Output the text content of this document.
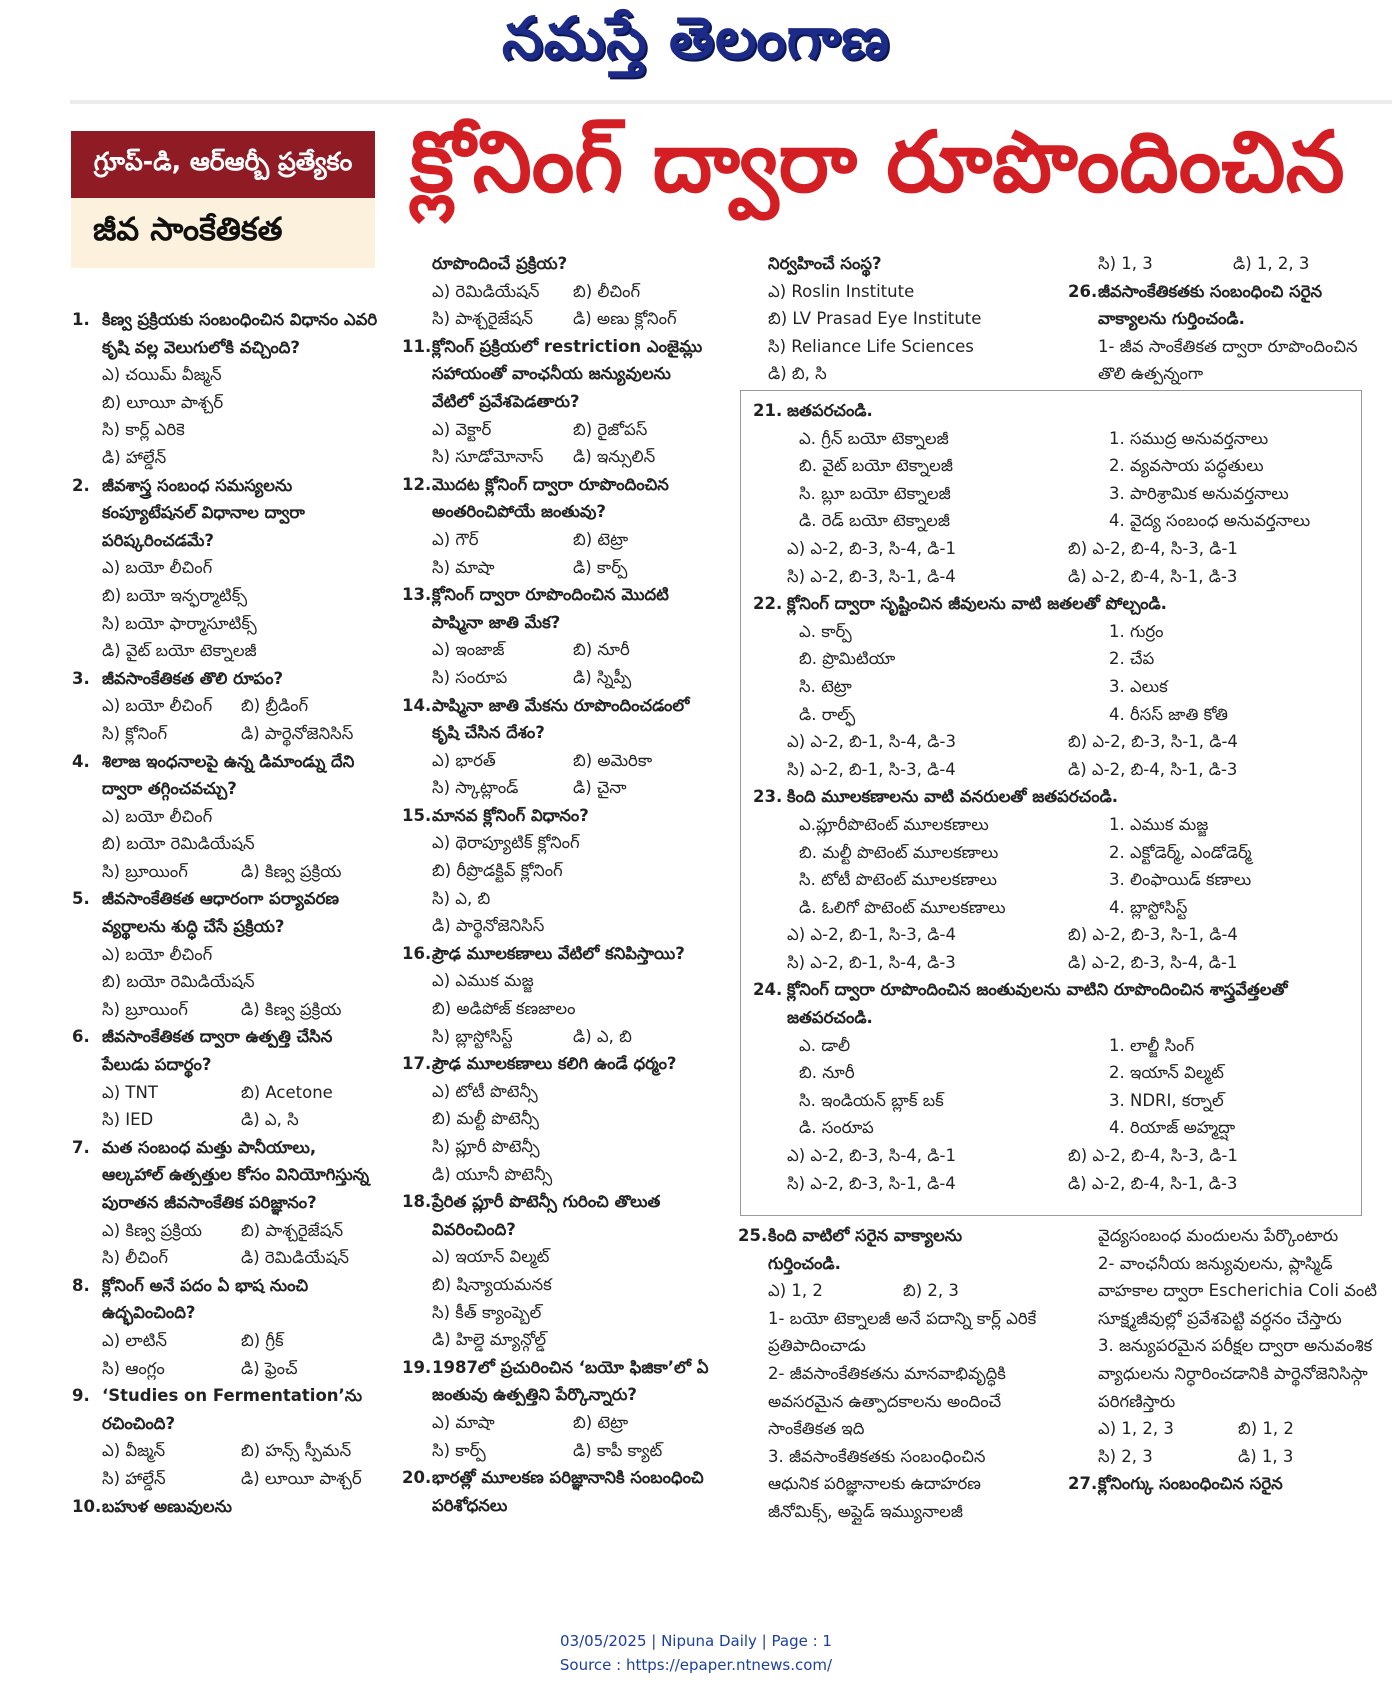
నమస్తే తెలంగాణ
గ్రూప్-డి, ఆర్ఆర్బీ ప్రత్యేకం
జీవ సాంకేతికత
క్లోనింగ్ ద్వారా రూపొందించిన
1. కిణ్వ ప్రక్రియకు సంబంధించిన విధానం ఎవరి కృషి వల్ల వెలుగులోకి వచ్చింది?
ఎ) చయిమ్ వీజ్మన్
బి) లూయీ పాశ్చర్
సి) కార్ల్ ఎరికె
డి) హాల్డేన్
2. జీవశాస్త్ర సంబంధ సమస్యలను కంప్యూటేషనల్ విధానాల ద్వారా పరిష్కరించడమే?
ఎ) బయో లీచింగ్
బి) బయో ఇన్ఫర్మాటిక్స్
సి) బయో ఫార్మాసూటిక్స్
డి) వైట్ బయో టెక్నాలజీ
3. జీవసాంకేతికత తొలి రూపం?
ఎ) బయో లీచింగ్	బి) బ్రీడింగ్
సి) క్లోనింగ్	డి) పార్థెనోజెనిసిస్
4. శిలాజ ఇంధనాలపై ఉన్న డిమాండ్ను దేని ద్వారా తగ్గించవచ్చు?
ఎ) బయో లీచింగ్
బి) బయో రెమిడియేషన్
సి) బ్రూయింగ్	డి) కిణ్వ ప్రక్రియ
5. జీవసాంకేతికత ఆధారంగా పర్యావరణ వ్యర్థాలను శుద్ధి చేసే ప్రక్రియ?
ఎ) బయో లీచింగ్
బి) బయో రెమిడియేషన్
సి) బ్రూయింగ్	డి) కిణ్వ ప్రక్రియ
6. జీవసాంకేతికత ద్వారా ఉత్పత్తి చేసిన పేలుడు పదార్థం?
ఎ) TNT	బి) Acetone
సి) IED	డి) ఎ, సి
7. మత సంబంధ మత్తు పానీయాలు, ఆల్కహాల్ ఉత్పత్తుల కోసం వినియోగిస్తున్న పురాతన జీవసాంకేతిక పరిజ్ఞానం?
ఎ) కిణ్వ ప్రక్రియ	బి) పాశ్చరైజేషన్
సి) లీచింగ్	డి) రెమిడియేషన్
8. క్లోనింగ్ అనే పదం ఏ భాష నుంచి ఉద్భవించింది?
ఎ) లాటిన్	బి) గ్రీక్
సి) ఆంగ్లం	డి) ఫ్రెంచ్
9. ‘Studies on Fermentation’ను రచించింది?
ఎ) వీజ్మన్	బి) హన్స్ స్పీమన్
సి) హాల్డేన్	డి) లూయీ పాశ్చర్
10. బహుళ అణువులను
రూపొందించే ప్రక్రియ?
ఎ) రెమిడియేషన్	బి) లీచింగ్
సి) పాశ్చరైజేషన్	డి) అణు క్లోనింగ్
11. క్లోనింగ్ ప్రక్రియలో restriction ఎంజైమ్లు సహాయంతో వాంఛనీయ జన్యువులను వేటిలో ప్రవేశపెడతారు?
ఎ) వెక్టార్	బి) రైజోపస్
సి) సూడోమోనాస్	డి) ఇన్సులిన్
12. మొదట క్లోనింగ్ ద్వారా రూపొందించిన అంతరించిపోయే జంతువు?
ఎ) గౌర్	బి) టెట్రా
సి) మాషా	డి) కార్ప్
13. క్లోనింగ్ ద్వారా రూపొందించిన మొదటి పాష్మినా జాతి మేక?
ఎ) ఇంజాజ్	బి) నూరీ
సి) సంరూప	డి) స్నిప్పీ
14. పాష్మినా జాతి మేకను రూపొందించడంలో కృషి చేసిన దేశం?
ఎ) భారత్	బి) అమెరికా
సి) స్కాట్లాండ్	డి) చైనా
15. మానవ క్లోనింగ్ విధానం?
ఎ) థెరాప్యూటిక్ క్లోనింగ్
బి) రీప్రొడక్టివ్ క్లోనింగ్
సి) ఎ, బి
డి) పార్థెనోజెనిసిస్
16. ప్రౌఢ మూలకణాలు వేటిలో కనిపిస్తాయి?
ఎ) ఎముక మజ్జ
బి) అడిపోజ్ కణజాలం
సి) బ్లాస్టోసిస్ట్	డి) ఎ, బి
17. ప్రౌఢ మూలకణాలు కలిగి ఉండే ధర్మం?
ఎ) టోటీ పొటెన్సీ
బి) మల్టీ పొటెన్సీ
సి) ప్లూరీ పొటెన్సీ
డి) యూనీ పొటెన్సీ
18. ప్రేరిత ప్లూరీ పొటెన్సీ గురించి తొలుత వివరించింది?
ఎ) ఇయాన్ విల్మట్
బి) షిన్యాయమనక
సి) కీత్ క్యాంప్బెల్
డి) హిల్డె మ్యాన్గోల్డ్
19. 1987లో ప్రచురించిన ‘బయో ఫిజికా’లో ఏ జంతువు ఉత్పత్తిని పేర్కొన్నారు?
ఎ) మాషా	బి) టెట్రా
సి) కార్ప్	డి) కాపీ క్యాట్
20. భారత్లో మూలకణ పరిజ్ఞానానికి సంబంధించి పరిశోధనలు
నిర్వహించే సంస్థ?
ఎ) Roslin Institute
బి) LV Prasad Eye Institute
సి) Reliance Life Sciences
డి) బి, సి
సి) 1, 3	డి) 1, 2, 3
26. జీవసాంకేతికతకు సంబంధించి సరైన వాక్యాలను గుర్తించండి.
1- జీవ సాంకేతికత ద్వారా రూపొందించిన తొలి ఉత్పన్నంగా
21. జతపరచండి.
ఎ. గ్రీన్ బయో టెక్నాలజీ	1. సముద్ర అనువర్తనాలు
బి. వైట్ బయో టెక్నాలజీ	2. వ్యవసాయ పద్ధతులు
సి. బ్లూ బయో టెక్నాలజీ	3. పారిశ్రామిక అనువర్తనాలు
డి. రెడ్ బయో టెక్నాలజీ	4. వైద్య సంబంధ అనువర్తనాలు
ఎ) ఎ-2, బి-3, సి-4, డి-1	బి) ఎ-2, బి-4, సి-3, డి-1
సి) ఎ-2, బి-3, సి-1, డి-4	డి) ఎ-2, బి-4, సి-1, డి-3
22. క్లోనింగ్ ద్వారా సృష్టించిన జీవులను వాటి జతలతో పోల్చండి.
ఎ. కార్ప్	1. గుర్రం
బి. ప్రొమిటియా	2. చేప
సి. టెట్రా	3. ఎలుక
డి. రాల్ఫ్	4. రీసస్ జాతి కోతి
ఎ) ఎ-2, బి-1, సి-4, డి-3	బి) ఎ-2, బి-3, సి-1, డి-4
సి) ఎ-2, బి-1, సి-3, డి-4	డి) ఎ-2, బి-4, సి-1, డి-3
23. కింది మూలకణాలను వాటి వనరులతో జతపరచండి.
ఎ.ప్లూరీపొటెంట్ మూలకణాలు	1. ఎముక మజ్జ
బి. మల్టీ పొటెంట్ మూలకణాలు	2. ఎక్టోడెర్మ్, ఎండోడెర్మ్
సి. టోటీ పొటెంట్ మూలకణాలు	3. లింఫాయిడ్ కణాలు
డి. ఓలిగో పొటెంట్ మూలకణాలు	4. బ్లాస్టోసిస్ట్
ఎ) ఎ-2, బి-1, సి-3, డి-4	బి) ఎ-2, బి-3, సి-1, డి-4
సి) ఎ-2, బి-1, సి-4, డి-3	డి) ఎ-2, బి-3, సి-4, డి-1
24. క్లోనింగ్ ద్వారా రూపొందించిన జంతువులను వాటిని రూపొందించిన శాస్త్రవేత్తలతో జతపరచండి.
ఎ. డాలీ	1. లాల్జీ సింగ్
బి. నూరీ	2. ఇయాన్ విల్మట్
సి. ఇండియన్ బ్లాక్ బక్	3. NDRI, కర్నాల్
డి. సంరూప	4. రియాజ్ అహ్మద్షా
ఎ) ఎ-2, బి-3, సి-4, డి-1	బి) ఎ-2, బి-4, సి-3, డి-1
సి) ఎ-2, బి-3, సి-1, డి-4	డి) ఎ-2, బి-4, సి-1, డి-3
25. కింది వాటిలో సరైన వాక్యాలను గుర్తించండి.
ఎ) 1, 2	బి) 2, 3
1- బయో టెక్నాలజీ అనే పదాన్ని కార్ల్ ఎరికే ప్రతిపాదించాడు
2- జీవసాంకేతికతను మానవాభివృద్ధికి అవసరమైన ఉత్పాదకాలను అందించే సాంకేతికత ఇది
3. జీవసాంకేతికతకు సంబంధించిన ఆధునిక పరిజ్ఞానాలకు ఉదాహరణ జీనోమిక్స్, అప్లైడ్ ఇమ్యునాలజీ
వైద్యసంబంధ మందులను పేర్కొంటారు
2- వాంఛనీయ జన్యువులను, ప్లాస్మిడ్ వాహకాల ద్వారా Escherichia Coli వంటి సూక్ష్మజీవుల్లో ప్రవేశపెట్టి వర్ధనం చేస్తారు
3. జన్యుపరమైన పరీక్షల ద్వారా అనువంశిక వ్యాధులను నిర్ధారించడానికి పార్థెనోజెనిసిస్గా పరిగణిస్తారు
ఎ) 1, 2, 3	బి) 1, 2
సి) 2, 3	డి) 1, 3
27. క్లోనింగ్కు సంబంధించిన సరైన
03/05/2025 | Nipuna Daily | Page : 1
Source : https://epaper.ntnews.com/
